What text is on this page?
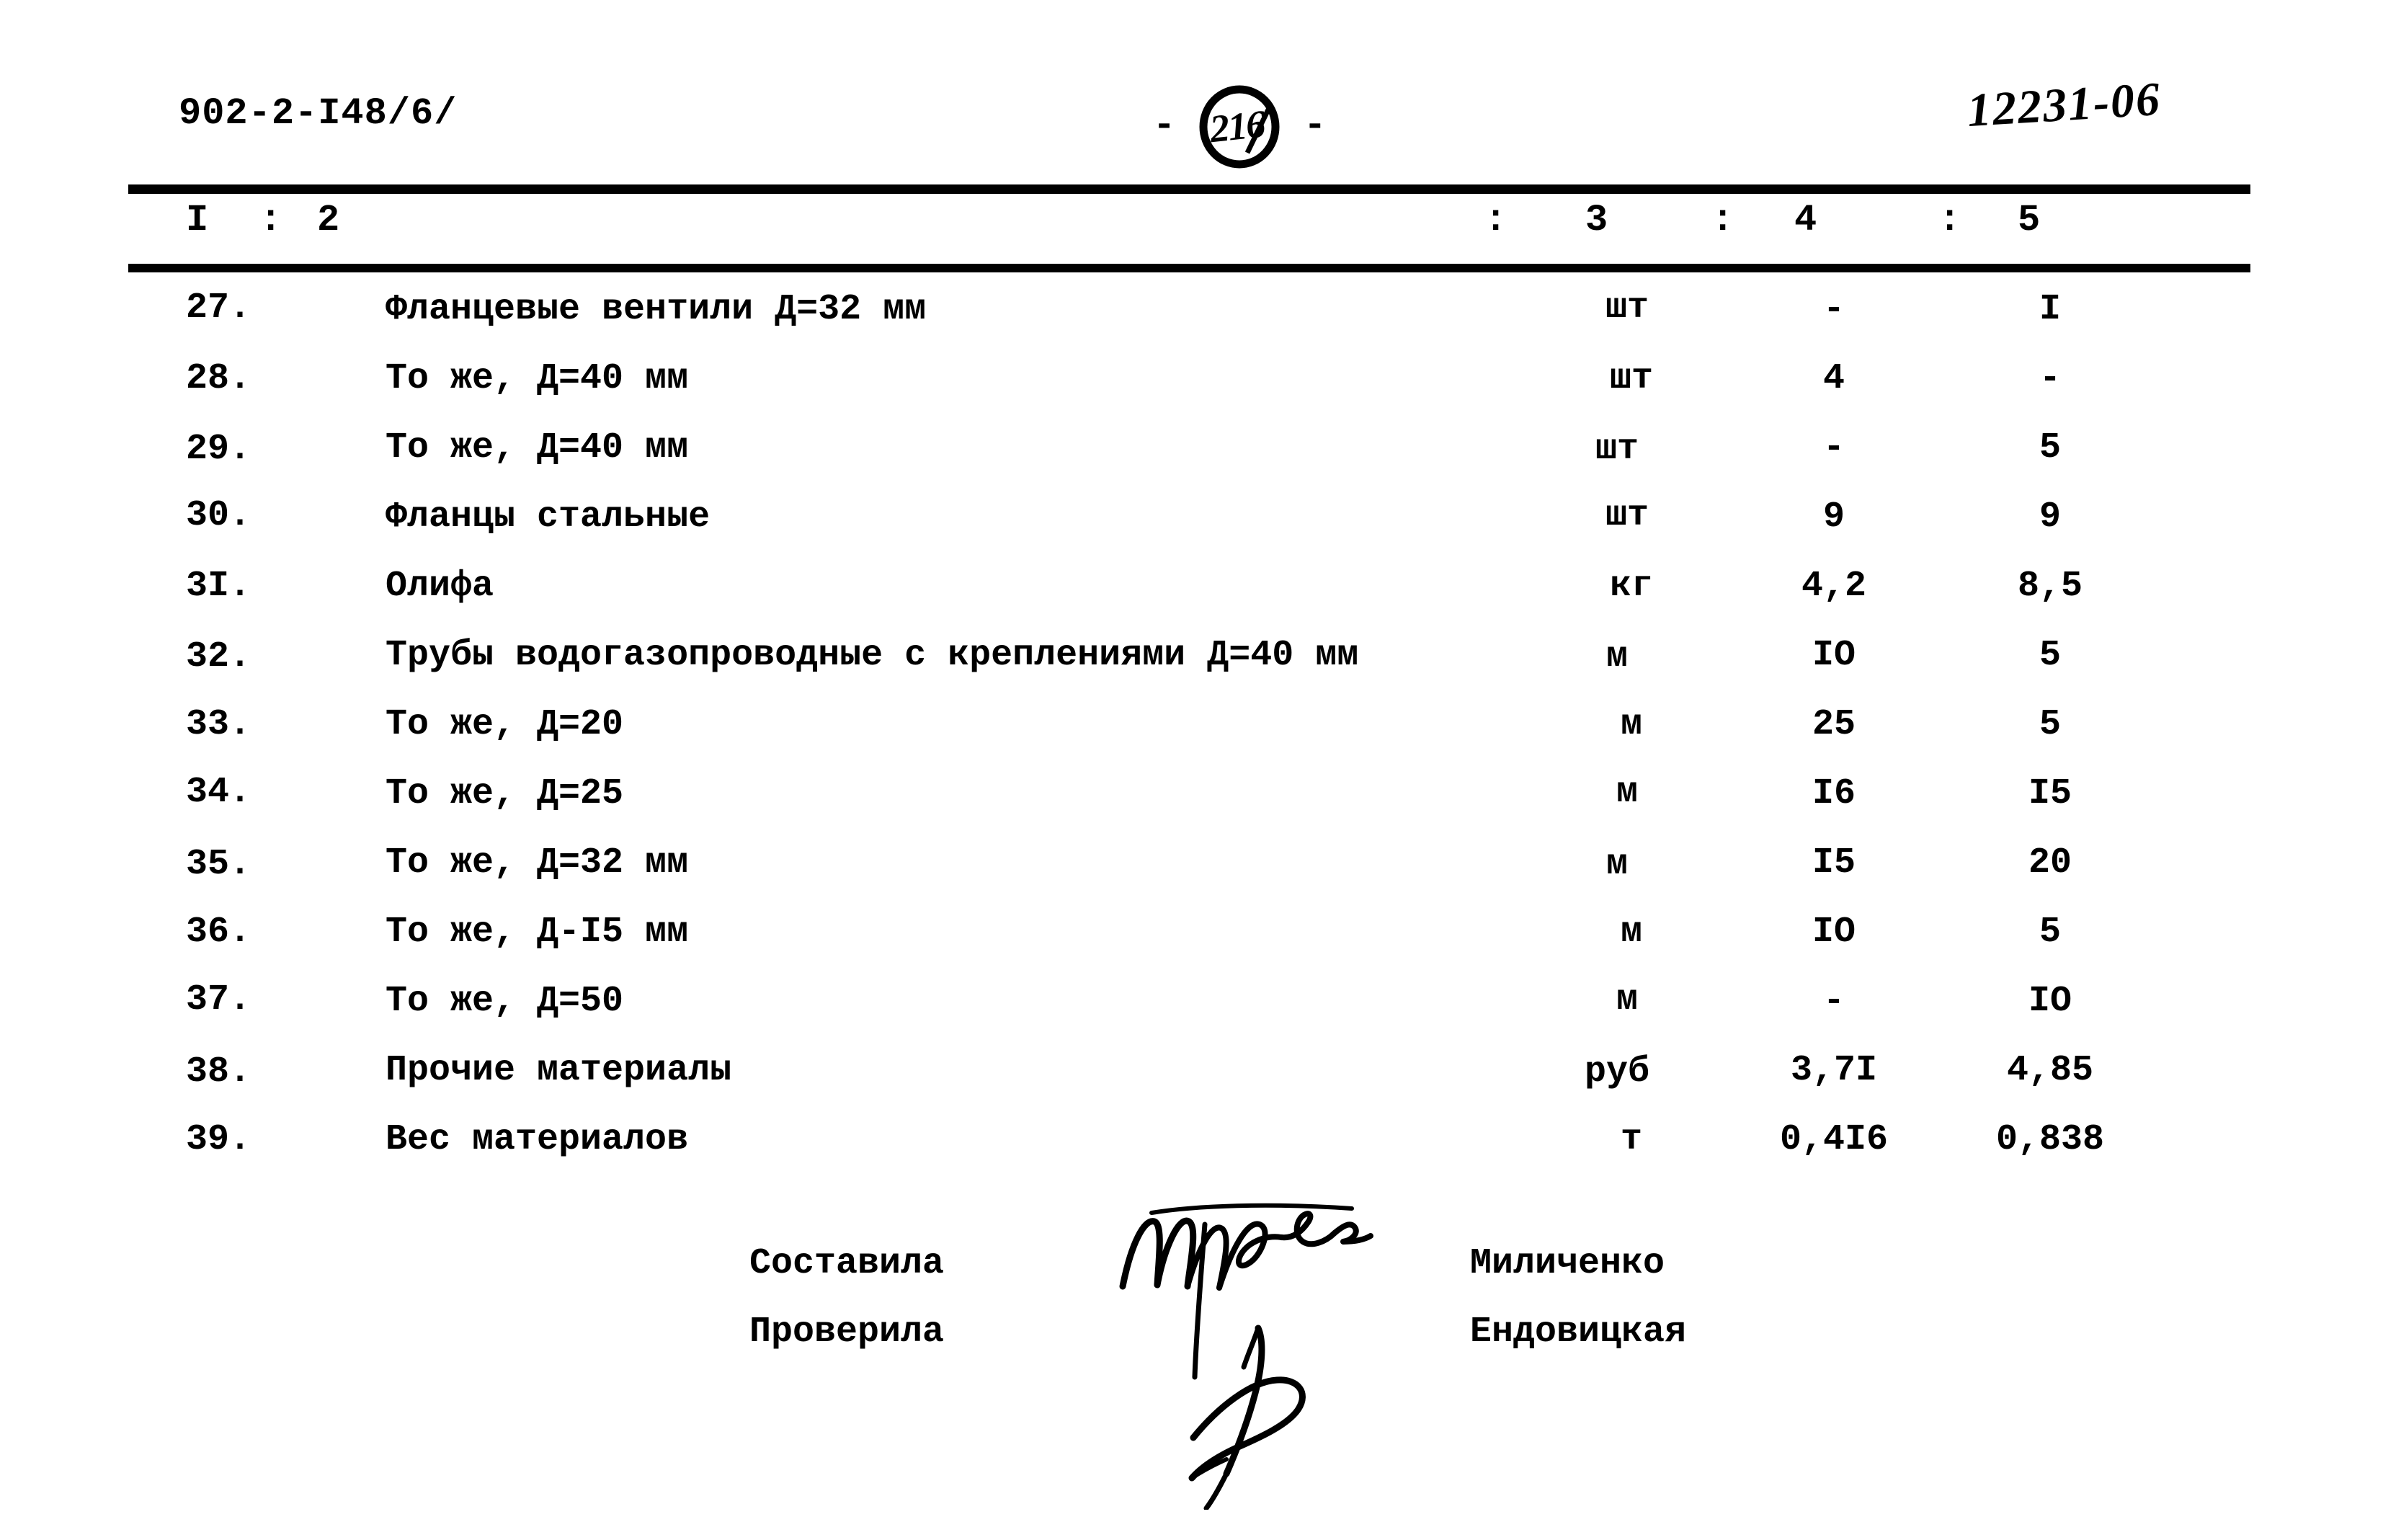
902-2-I48/6/	- 216 -	12231-06
I : 2	: 3	: 4	: 5
27.	Фланцевые вентили Д=32 мм	шт	-	I
28.	То же, Д=40 мм	шт	4	-
29.	То же, Д=40 мм	шт	-	5
30.	Фланцы стальные	шт	9	9
3I.	Олифа	кг	4,2	8,5
32.	Трубы водогазопроводные с креплениями Д=40 мм	м	IO	5
33.	То же, Д=20	м	25	5
34.	То же, Д=25	м	I6	I5
35.	То же, Д=32 мм	м	I5	20
36.	То же, Д-I5 мм	м	IO	5
37.	То же, Д=50	м	-	IO
38.	Прочие материалы	руб	3,7I	4,85
39.	Вес материалов	т	0,4I6	0,838
Составила	Миличенко
Проверила	Ендовицкая
